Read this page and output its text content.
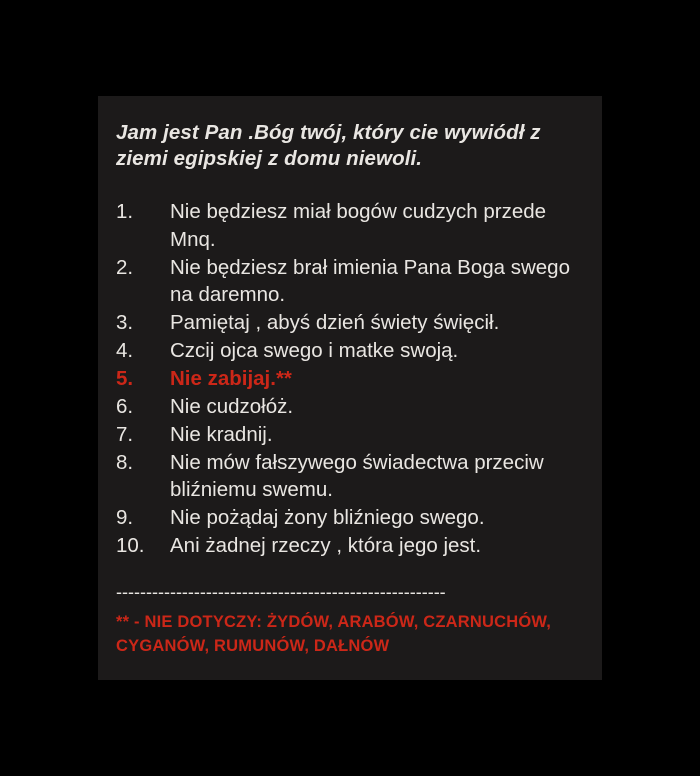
Jam jest Pan .Bóg twój, który cie wywiódł z ziemi egipskiej z domu niewoli.

1.	Nie będziesz miał bogów cudzych przede Mnq.
2.	Nie będziesz brał imienia Pana Boga swego na daremno.
3.	Pamiętaj , abyś dzień świety święcił.
4.	Czcij ojca swego i matke swoją.
5.	Nie zabijaj.**
6.	Nie cudzołóż.
7.	Nie kradnij.
8.	Nie mów fałszywego świadectwa przeciw bliźniemu swemu.
9.	Nie pożądaj żony bliźniego swego.
10.	Ani żadnej rzeczy , która jego jest.
-------------------------------------------------------

** - NIE DOTYCZY: ŻYDÓW, ARABÓW, CZARNUCHÓW, CYGANÓW, RUMUNÓW, DAŁNÓW
